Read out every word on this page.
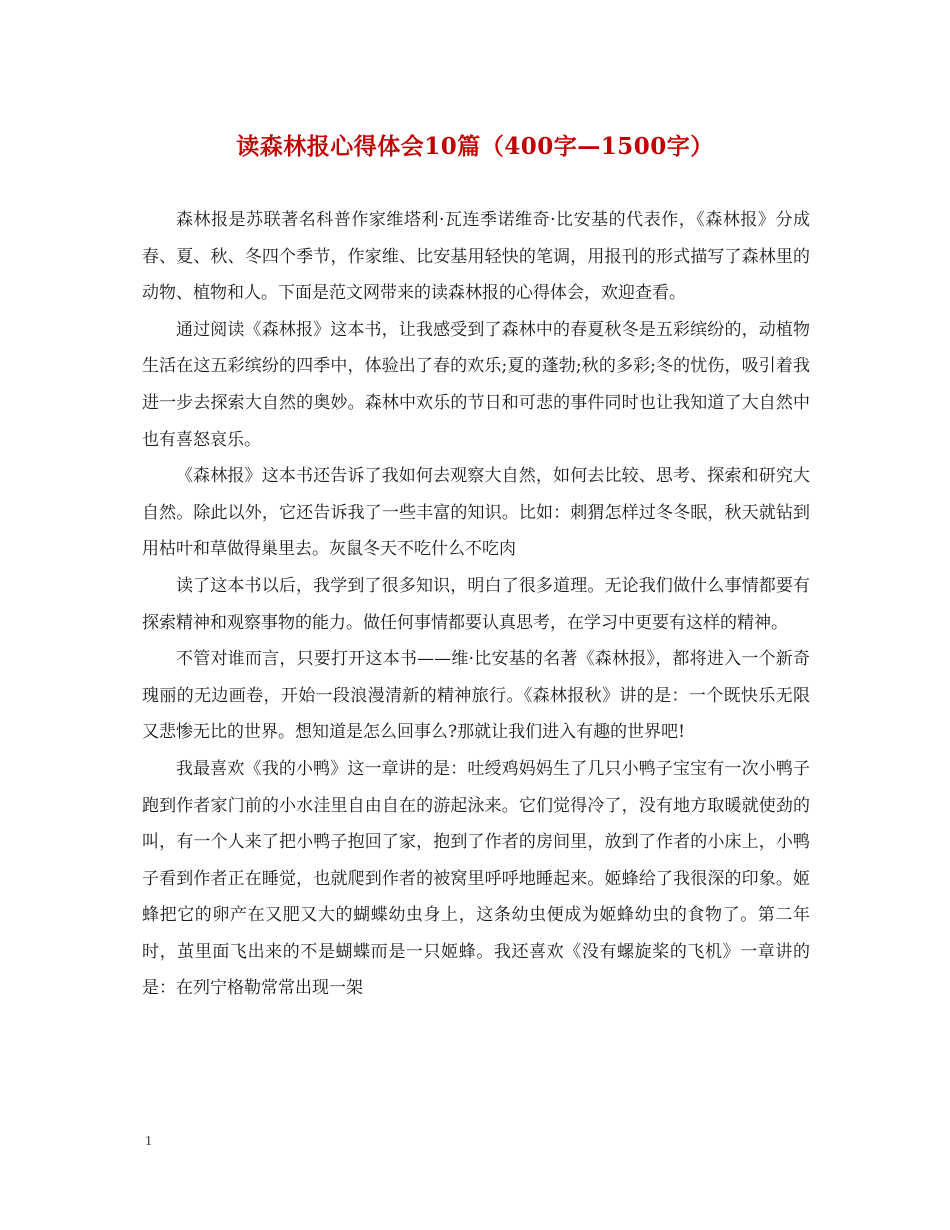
读森林报心得体会10篇（400字—1500字）

森林报是苏联著名科普作家维塔利·瓦连季诺维奇·比安基的代表作，《森林报》分成春、夏、秋、冬四个季节，作家维、比安基用轻快的笔调，用报刊的形式描写了森林里的动物、植物和人。下面是范文网带来的读森林报的心得体会，欢迎查看。

通过阅读《森林报》这本书，让我感受到了森林中的春夏秋冬是五彩缤纷的，动植物生活在这五彩缤纷的四季中，体验出了春的欢乐;夏的蓬勃;秋的多彩;冬的忧伤，吸引着我进一步去探索大自然的奥妙。森林中欢乐的节日和可悲的事件同时也让我知道了大自然中也有喜怒哀乐。

《森林报》这本书还告诉了我如何去观察大自然，如何去比较、思考、探索和研究大自然。除此以外，它还告诉我了一些丰富的知识。比如：刺猬怎样过冬冬眠，秋天就钻到用枯叶和草做得巢里去。灰鼠冬天不吃什么不吃肉

读了这本书以后，我学到了很多知识，明白了很多道理。无论我们做什么事情都要有探索精神和观察事物的能力。做任何事情都要认真思考，在学习中更要有这样的精神。

不管对谁而言，只要打开这本书——维·比安基的名著《森林报》，都将进入一个新奇瑰丽的无边画卷，开始一段浪漫清新的精神旅行。《森林报秋》讲的是：一个既快乐无限又悲惨无比的世界。想知道是怎么回事么?那就让我们进入有趣的世界吧!

我最喜欢《我的小鸭》这一章讲的是：吐绶鸡妈妈生了几只小鸭子宝宝有一次小鸭子跑到作者家门前的小水洼里自由自在的游起泳来。它们觉得冷了，没有地方取暖就使劲的叫，有一个人来了把小鸭子抱回了家，抱到了作者的房间里，放到了作者的小床上，小鸭子看到作者正在睡觉，也就爬到作者的被窝里呼呼地睡起来。姬蜂给了我很深的印象。姬蜂把它的卵产在又肥又大的蝴蝶幼虫身上，这条幼虫便成为姬蜂幼虫的食物了。第二年时，茧里面飞出来的不是蝴蝶而是一只姬蜂。我还喜欢《没有螺旋桨的飞机》一章讲的是：在列宁格勒常常出现一架

1
